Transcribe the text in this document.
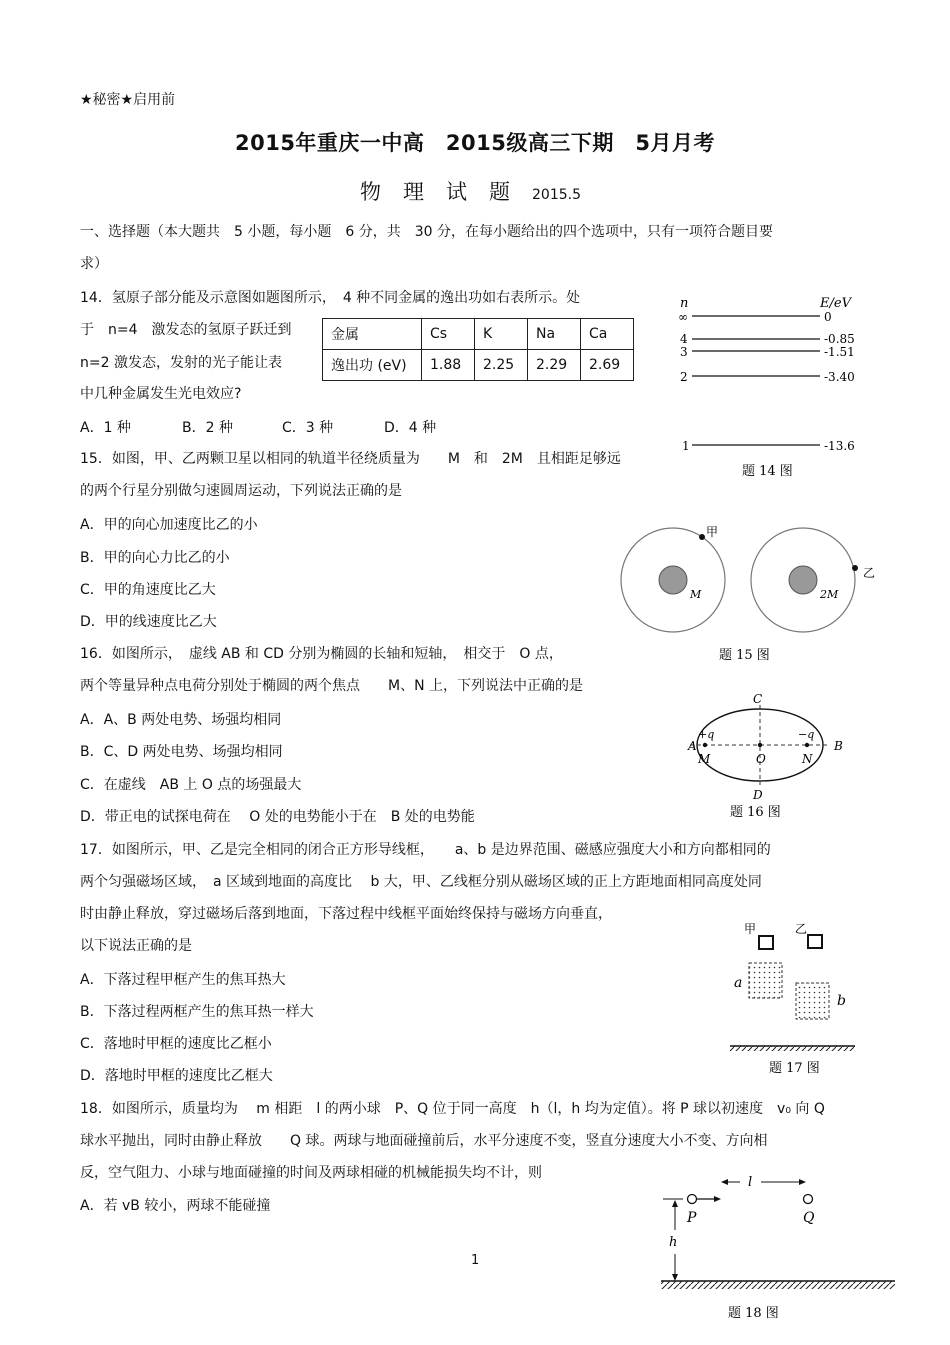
★秘密★启用前
2015年重庆一中高　2015级高三下期　5月月考
物理试题2015.5
一、选择题（本大题共　5 小题，每小题　6 分，共　30 分，在每小题给出的四个选项中，只有一项符合题目要
求）
14．氢原子部分能及示意图如题图所示，　4 种不同金属的逸出功如右表所示。处
于　n=4　激发态的氢原子跃迁到
n=2 激发态，发射的光子能让表
中几种金属发生光电效应?
A．1 种	B．2 种	C．3 种	D．4 种
金属	Cs	K	Na	Ca
逸出功 (eV)	1.88	2.25	2.29	2.69
n	E/eV
∞	0
4	-0.85
3	-1.51
2	-3.40
1	-13.6
题 14 图
15．如图，甲、乙两颗卫星以相同的轨道半径绕质量为　　M　和　2M　且相距足够远
的两个行星分别做匀速圆周运动，下列说法正确的是
A．甲的向心加速度比乙的小
B．甲的向心力比乙的小
C．甲的角速度比乙大
D．甲的线速度比乙大
甲
M
乙
2M
题 15 图
16．如图所示，　虚线 AB 和 CD 分别为椭圆的长轴和短轴，　相交于　O 点，
两个等量异种点电荷分别处于椭圆的两个焦点　　M、N 上，下列说法中正确的是
A．A、B 两处电势、场强均相同
B．C、D 两处电势、场强均相同
C．在虚线　AB 上 O 点的场强最大
D．带正电的试探电荷在　 O 处的电势能小于在　B 处的电势能
A	B
C
D
O
M	N
+q	−q
题 16 图
17．如图所示，甲、乙是完全相同的闭合正方形导线框，　　a、b 是边界范围、磁感应强度大小和方向都相同的
两个匀强磁场区域，　a 区域到地面的高度比　 b 大，甲、乙线框分别从磁场区域的正上方距地面相同高度处同
时由静止释放，穿过磁场后落到地面，下落过程中线框平面始终保持与磁场方向垂直，
以下说法正确的是
A．下落过程甲框产生的焦耳热大
B．下落过程两框产生的焦耳热一样大
C．落地时甲框的速度比乙框小
D．落地时甲框的速度比乙框大
甲	乙
a
b
题 17 图
18．如图所示，质量均为　 m 相距　l 的两小球　P、Q 位于同一高度　h（l，h 均为定值）。将 P 球以初速度　v₀ 向 Q
球水平抛出，同时由静止释放　　Q 球。两球与地面碰撞前后，水平分速度不变，竖直分速度大小不变、方向相
反，空气阻力、小球与地面碰撞的时间及两球相碰的机械能损失均不计，则
A．若 vB 较小，两球不能碰撞
h
l
P	Q
题 18 图
1
